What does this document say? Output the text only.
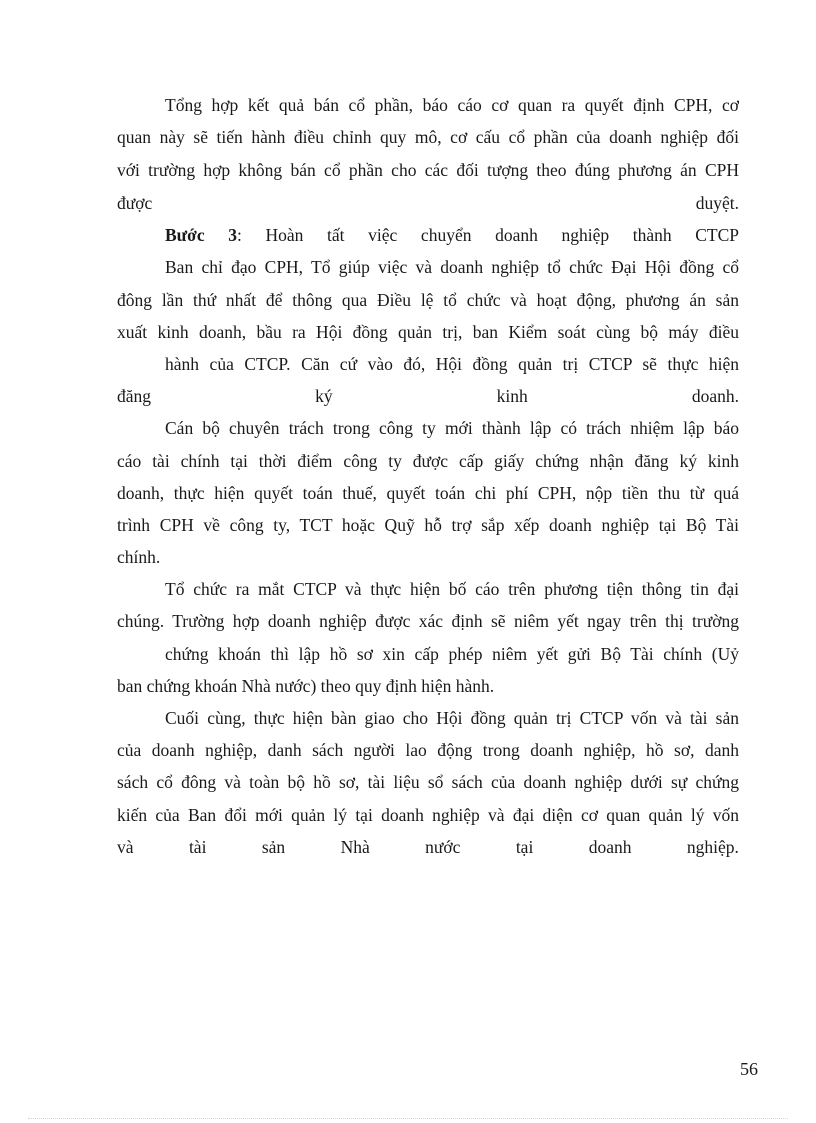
Tổng hợp kết quả bán cổ phần, báo cáo cơ quan ra quyết định CPH, cơ
quan này sẽ tiến hành điều chỉnh quy mô, cơ cấu cổ phần của doanh nghiệp đối
với trường hợp không bán cổ phần cho các đối tượng theo đúng phương án CPH
được	duyệt.
Bước 3: Hoàn tất việc chuyển doanh nghiệp thành CTCP
Ban chỉ đạo CPH, Tổ giúp việc và doanh nghiệp tổ chức Đại Hội đồng cổ
đông lần thứ nhất để thông qua Điều lệ tổ chức và hoạt động, phương án sản
xuất kinh doanh, bầu ra Hội đồng quản trị, ban Kiểm soát cùng bộ máy điều
hành của CTCP. Căn cứ vào đó, Hội đồng quản trị CTCP sẽ thực hiện
đăng	ký	kinh	doanh.
Cán bộ chuyên trách trong công ty mới thành lập có trách nhiệm lập báo
cáo tài chính tại thời điểm công ty được cấp giấy chứng nhận đăng ký kinh
doanh, thực hiện quyết toán thuế, quyết toán chi phí CPH, nộp tiền thu từ quá
trình CPH về công ty, TCT hoặc Quỹ hỗ trợ sắp xếp doanh nghiệp tại Bộ Tài
chính.
Tổ chức ra mắt CTCP và thực hiện bố cáo trên phương tiện thông tin đại
chúng. Trường hợp doanh nghiệp được xác định sẽ niêm yết ngay trên thị trường
chứng khoán thì lập hồ sơ xin cấp phép niêm yết gửi Bộ Tài chính (Uỷ
ban chứng khoán Nhà nước) theo quy định hiện hành.
Cuối cùng, thực hiện bàn giao cho Hội đồng quản trị CTCP vốn và tài sản
của doanh nghiệp, danh sách người lao động trong doanh nghiệp, hồ sơ, danh
sách cổ đông và toàn bộ hồ sơ, tài liệu sổ sách của doanh nghiệp dưới sự chứng
kiến của Ban đổi mới quản lý tại doanh nghiệp và đại diện cơ quan quản lý vốn
và	tài	sản	Nhà	nước	tại	doanh	nghiệp.
56
